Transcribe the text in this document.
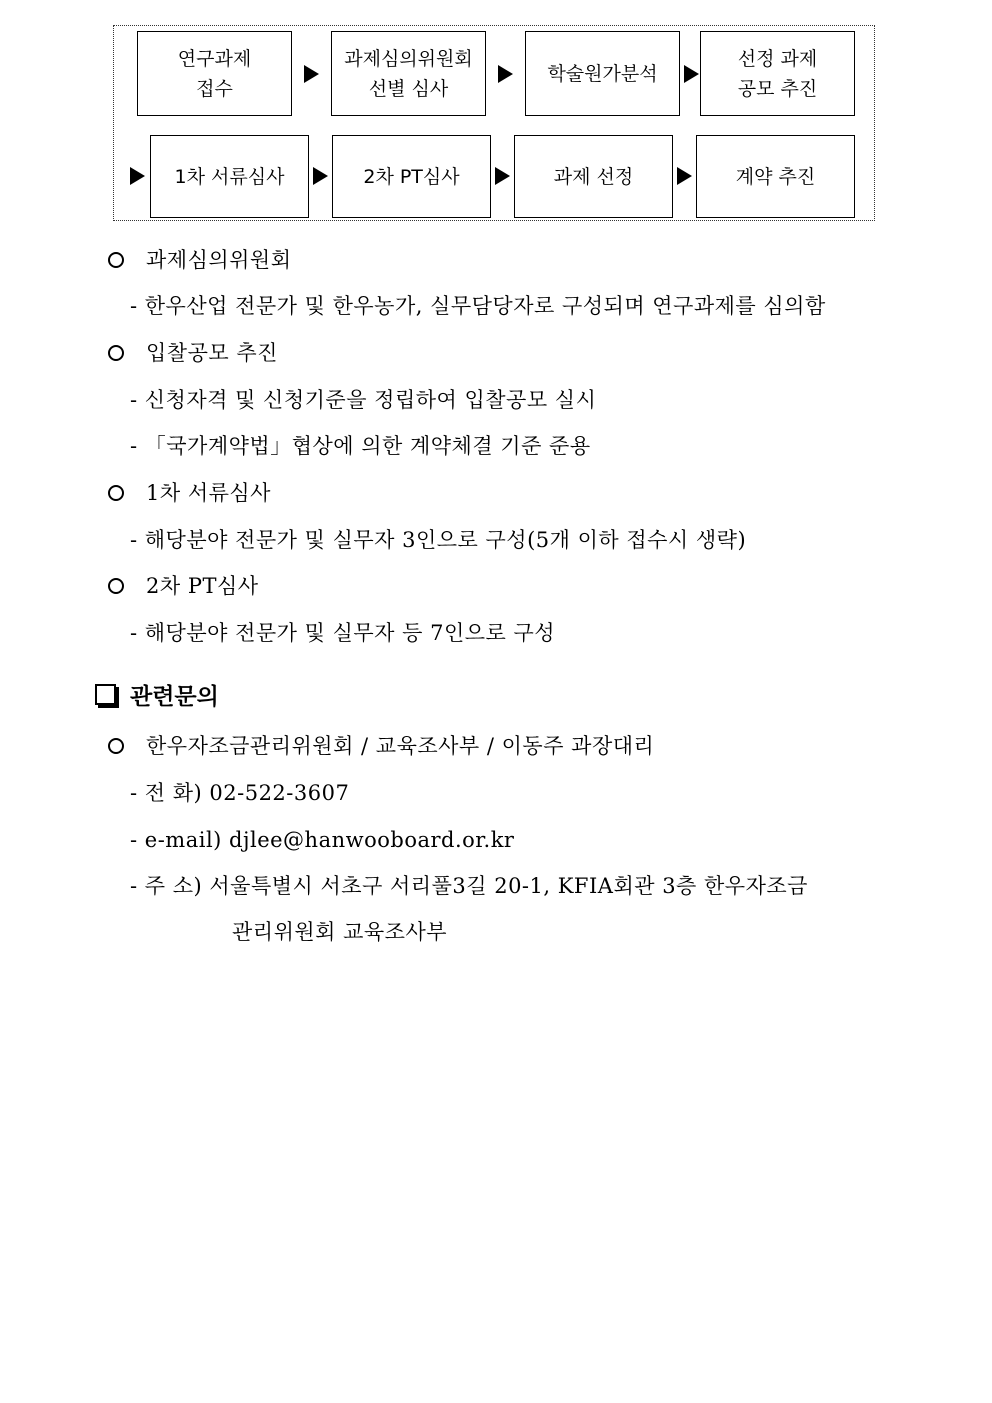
연구과제
접수
과제심의위원회
선별 심사
학술원가분석
선정 과제
공모 추진
1차 서류심사	2차 PT심사	과제 선정	계약 추진
과제심의위원회
- 한우산업 전문가 및 한우농가, 실무담당자로 구성되며 연구과제를 심의함
입찰공모 추진
- 신청자격 및 신청기준을 정립하여 입찰공모 실시
- 「국가계약법」협상에 의한 계약체결 기준 준용
1차 서류심사
- 해당분야 전문가 및 실무자 3인으로 구성(5개 이하 접수시 생략)
2차 PT심사
- 해당분야 전문가 및 실무자 등 7인으로 구성
관련문의
한우자조금관리위원회 / 교육조사부 / 이동주 과장대리
- 전 화) 02-522-3607
- e-mail) djlee@hanwooboard.or.kr
- 주 소) 서울특별시 서초구 서리풀3길 20-1, KFIA회관 3층 한우자조금
관리위원회 교육조사부
